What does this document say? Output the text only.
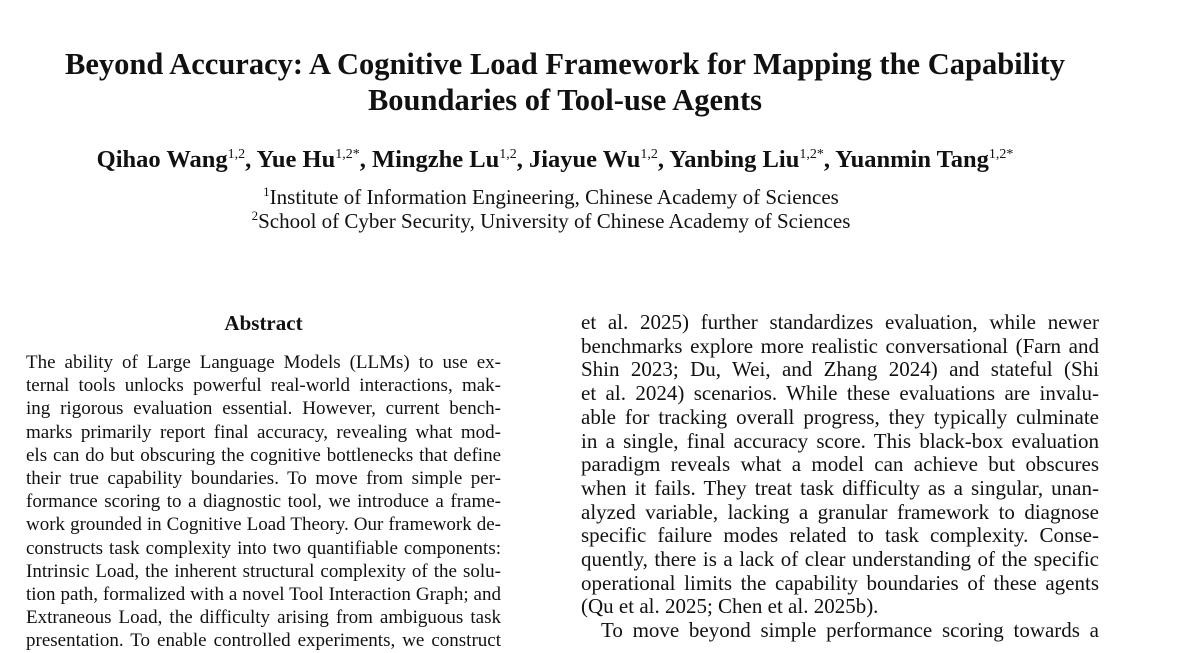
Beyond Accuracy: A Cognitive Load Framework for Mapping the Capability
Boundaries of Tool-use Agents
Qihao Wang$^{1,2}$, Yue $Hu^{1,2*}$, Mingzhe Lu$^{1,2}$, Jiayue Wu$^{1,2}$, Yanbing Liu$^{1,2*}$, Yuanmin Tang$^{1,2*}$
$^1$Institute of Information Engineering, Chinese Academy of Sciences
$^2$School of Cyber Security, University of Chinese Academy of Sciences
Abstract
The ability of Large Language Models (LLMs) to use ex-
ternal tools unlocks powerful real-world interactions, mak-
ing rigorous evaluation essential. However, current bench-
marks primarily report final accuracy, revealing what mod-
els can do but obscuring the cognitive bottlenecks that define
their true capability boundaries. To move from simple per-
formance scoring to a diagnostic tool, we introduce a frame-
work grounded in Cognitive Load Theory. Our framework de-
constructs task complexity into two quantifiable components:
Intrinsic Load, the inherent structural complexity of the solu-
tion path, formalized with a novel Tool Interaction Graph; and
Extraneous Load, the difficulty arising from ambiguous task
presentation. To enable controlled experiments, we construct
et al. 2025) further standardizes evaluation, while newer
benchmarks explore more realistic conversational (Farn and
Shin 2023; Du, Wei, and Zhang 2024) and stateful (Shi
et al. 2024) scenarios. While these evaluations are invalu-
able for tracking overall progress, they typically culminate
in a single, final accuracy score. This black-box evaluation
paradigm reveals what a model can achieve but obscures
when it fails. They treat task difficulty as a singular, unan-
alyzed variable, lacking a granular framework to diagnose
specific failure modes related to task complexity. Conse-
quently, there is a lack of clear understanding of the specific
operational limits the capability boundaries of these agents
(Qu et al. 2025; Chen et al. 2025b).
To move beyond simple performance scoring towards a
